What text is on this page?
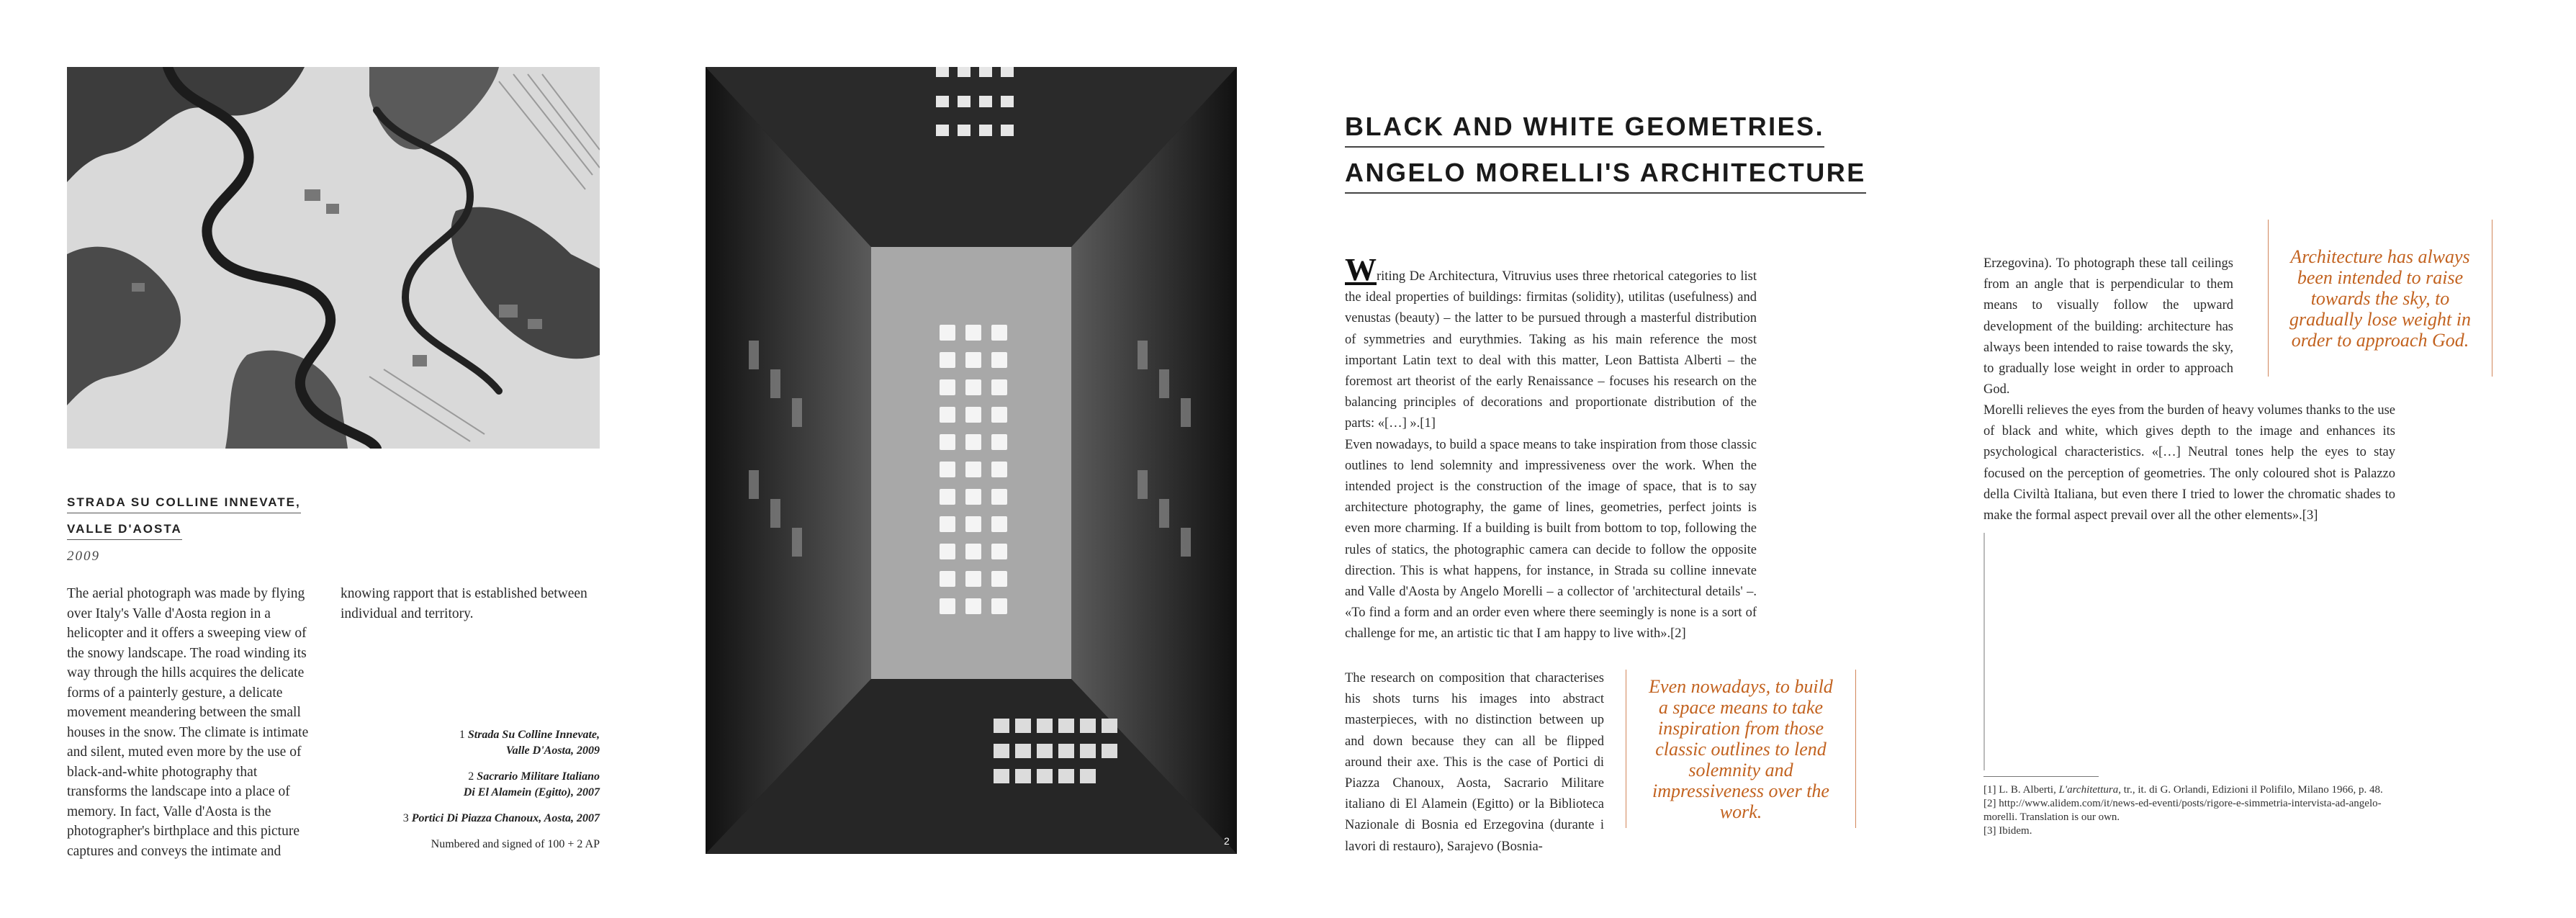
STRADA SU COLLINE INNEVATE,
VALLE D'AOSTA
2009

The aerial photograph was made by flying over Italy's Valle d'Aosta region in a helicopter and it offers a sweeping view of the snowy landscape. The road winding its way through the hills acquires the delicate forms of a painterly gesture, a delicate movement meandering between the small houses in the snow. The climate is intimate and silent, muted even more by the use of black-and-white photography that transforms the landscape into a place of memory. In fact, Valle d'Aosta is the photographer's birthplace and this picture captures and conveys the intimate and

knowing rapport that is established between individual and territory.

1 Strada Su Colline Innevate,
Valle D'Aosta, 2009
2 Sacrario Militare Italiano
Di El Alamein (Egitto), 2007
3 Portici Di Piazza Chanoux, Aosta, 2007
Numbered and signed of 100 + 2 AP	2
BLACK AND WHITE GEOMETRIES.
ANGELO MORELLI'S ARCHITECTURE

Writing De Architectura, Vitruvius uses three rhetorical categories to list the ideal properties of buildings: firmitas (solidity), utilitas (usefulness) and venustas (beauty) – the latter to be pursued through a masterful distribution of symmetries and eurythmies. Taking as his main reference the most important Latin text to deal with this matter, Leon Battista Alberti – the foremost art theorist of the early Renaissance – focuses his research on the balancing principles of decorations and proportionate distribution of the parts: «[…] ».[1]

Even nowadays, to build a space means to take inspiration from those classic outlines to lend solemnity and impressiveness over the work. When the intended project is the construction of the image of space, that is to say architecture photography, the game of lines, geometries, perfect joints is even more charming. If a building is built from bottom to top, following the rules of statics, the photographic camera can decide to follow the opposite direction. This is what happens, for instance, in Strada su colline innevate and Valle d'Aosta by Angelo Morelli – a collector of 'architectural details' –. «To find a form and an order even where there seemingly is none is a sort of challenge for me, an artistic tic that I am happy to live with».[2]

The research on composition that characterises his shots turns his images into abstract masterpieces, with no distinction between up and down because they can all be flipped around their axe. This is the case of Portici di Piazza Chanoux, Aosta, Sacrario Militare italiano di El Alamein (Egitto) or la Biblioteca Nazionale di Bosnia ed Erzegovina (durante i lavori di restauro), Sarajevo (Bosnia-

Even nowadays, to build a space means to take inspiration from those classic outlines to lend solemnity and impressiveness over the work.

Erzegovina). To photograph these tall ceilings from an angle that is perpendicular to them means to visually follow the upward development of the building: architecture has always been intended to raise towards the sky, to gradually lose weight in order to approach God.

Morelli relieves the eyes from the burden of heavy volumes thanks to the use of black and white, which gives depth to the image and enhances its psychological characteristics. «[…] Neutral tones help the eyes to stay focused on the perception of geometries. The only coloured shot is Palazzo della Civiltà Italiana, but even there I tried to lower the chromatic shades to make the formal aspect prevail over all the other elements».[3]

Architecture has always been intended to raise towards the sky, to gradually lose weight in order to approach God.
[1] L. B. Alberti, L'architettura, tr., it. di G. Orlandi, Edizioni il Polifilo, Milano 1966, p. 48.
[2] http://www.alidem.com/it/news-ed-eventi/posts/rigore-e-simmetria-intervista-ad-angelo-morelli. Translation is our own.
[3] Ibidem.
